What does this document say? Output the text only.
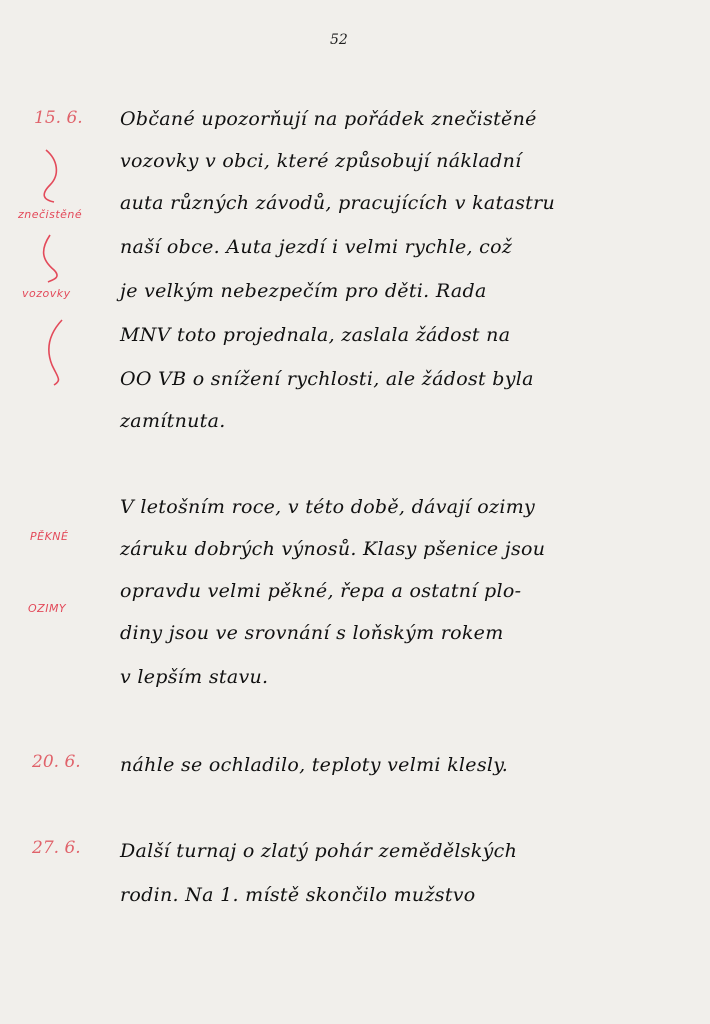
52
15. 6.
znečistěné
vozovky
Občané upozorňují na pořádek znečistěné
vozovky v obci, které způsobují nákladní
auta různých závodů, pracujících v katastru
naší obce. Auta jezdí i velmi rychle, což
je velkým nebezpečím pro děti. Rada
MNV toto projednala, zaslala žádost na
OO VB o snížení rychlosti, ale žádost byla
zamítnuta.
PĚKNÉ
OZIMY
V letošním roce, v této době, dávají ozimy
záruku dobrých výnosů. Klasy pšenice jsou
opravdu velmi pěkné, řepa a ostatní plo-
diny jsou ve srovnání s loňským rokem
v lepším stavu.
20. 6. náhle se ochladilo, teploty velmi klesly.
27. 6. Další turnaj o zlatý pohár zemědělských
rodin. Na 1. místě skončilo mužstvo
